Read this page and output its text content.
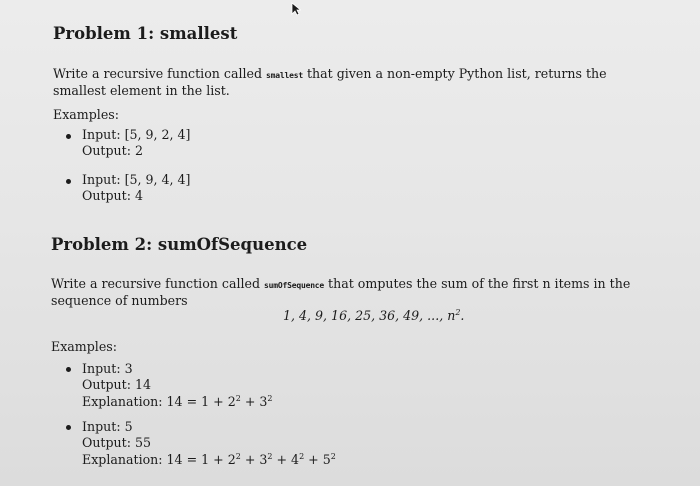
Problem 1: smallest

Write a recursive function called smallest that given a non-empty Python list, returns the smallest element in the list.

Examples:

Input: [5, 9, 2, 4]

Output: 2

Input: [5, 9, 4, 4]

Output: 4

Problem 2: sumOfSequence

Write a recursive function called sumOfSequence that omputes the sum of the first n items in the sequence of numbers

1, 4, 9, 16, 25, 36, 49, ..., $n^2$.

Examples:

Input: 3

Output: 14

Explanation: $14 = 1 + 2^2 + 3^2$

Input: 5

Output: 55

Explanation: $14 = 1 + 2^2 + 3^2 + 4^2 + 5^2$
